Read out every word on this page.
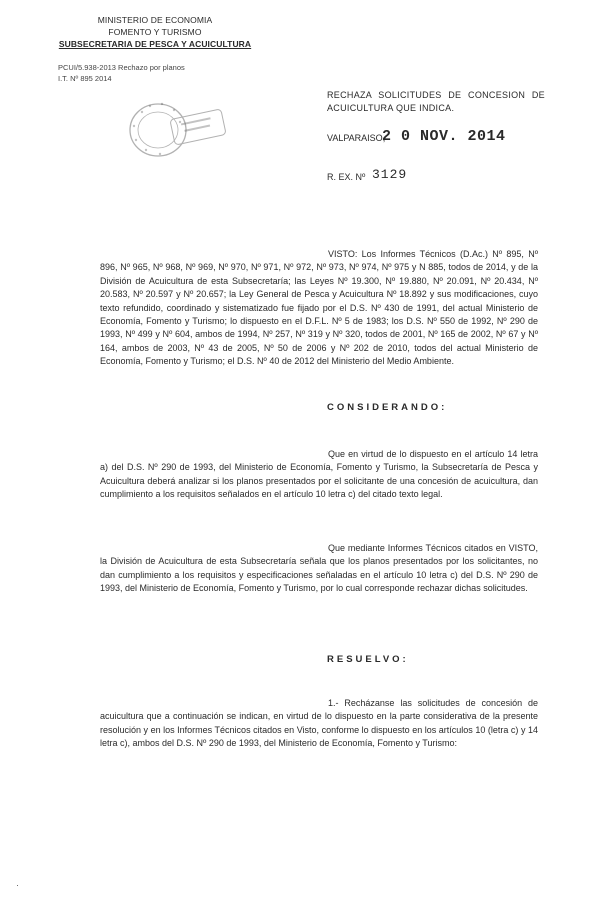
MINISTERIO DE ECONOMIA
FOMENTO Y TURISMO
SUBSECRETARIA DE PESCA Y ACUICULTURA
PCUI/5.938-2013 Rechazo por planos
I.T. Nº 895 2014
RECHAZA SOLICITUDES DE CONCESION DE ACUICULTURA QUE INDICA.
VALPARAISO,
2 0 NOV. 2014
R. EX. Nº 3129
VISTO: Los Informes Técnicos (D.Ac.) Nº 895, Nº 896, Nº 965, Nº 968, Nº 969, Nº 970, Nº 971, Nº 972, Nº 973, Nº 974, Nº 975 y N 885, todos de 2014, y de la División de Acuicultura de esta Subsecretaría; las Leyes Nº 19.300, Nº 19.880, Nº 20.091, Nº 20.434, Nº 20.583, Nº 20.597 y Nº 20.657; la Ley General de Pesca y Acuicultura Nº 18.892 y sus modificaciones, cuyo texto refundido, coordinado y sistematizado fue fijado por el D.S. Nº 430 de 1991, del actual Ministerio de Economía, Fomento y Turismo; lo dispuesto en el D.F.L. Nº 5 de 1983; los D.S. Nº 550 de 1992, Nº 290 de 1993, Nº 499 y Nº 604, ambos de 1994, Nº 257, Nº 319 y Nº 320, todos de 2001, Nº 165 de 2002, Nº 67 y Nº 164, ambos de 2003, Nº 43 de 2005, Nº 50 de 2006 y Nº 202 de 2010, todos del actual Ministerio de Economía, Fomento y Turismo; el D.S. Nº 40 de 2012 del Ministerio del Medio Ambiente.
CONSIDERANDO:
Que en virtud de lo dispuesto en el artículo 14 letra a) del D.S. Nº 290 de 1993, del Ministerio de Economía, Fomento y Turismo, la Subsecretaría de Pesca y Acuicultura deberá analizar si los planos presentados por el solicitante de una concesión de acuicultura, dan cumplimiento a los requisitos señalados en el artículo 10 letra c) del citado texto legal.
Que mediante Informes Técnicos citados en VISTO, la División de Acuicultura de esta Subsecretaría señala que los planos presentados por los solicitantes, no dan cumplimiento a los requisitos y especificaciones señaladas en el artículo 10 letra c) del D.S. Nº 290 de 1993, del Ministerio de Economía, Fomento y Turismo, por lo cual corresponde rechazar dichas solicitudes.
RESUELVO:
1.- Recházanse las solicitudes de concesión de acuicultura que a continuación se indican, en virtud de lo dispuesto en la parte considerativa de la presente resolución y en los Informes Técnicos citados en Visto, conforme lo dispuesto en los artículos 10 (letra c) y 14 letra c), ambos del D.S. Nº 290 de 1993, del Ministerio de Economía, Fomento y Turismo:
·
